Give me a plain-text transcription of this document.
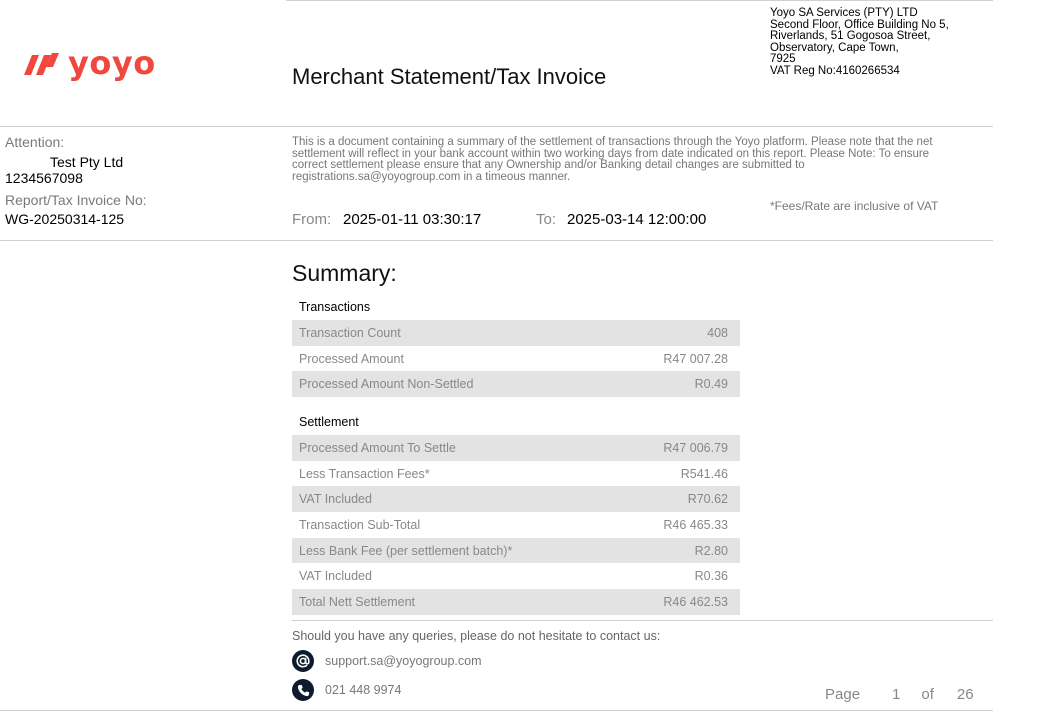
yoyo	Merchant Statement/Tax Invoice
Yoyo SA Services (PTY) LTD
Second Floor, Office Building No 5,
Riverlands, 51 Gogosoa Street,
Observatory, Cape Town,
7925
VAT Reg No:4160266534
Attention:
Test Pty Ltd
1234567098
Report/Tax Invoice No:
WG-20250314-125
This is a document containing a summary of the settlement of transactions through the Yoyo platform. Please note that the net
settlement will reflect in your bank account within two working days from date indicated on this report. Please Note: To ensure
correct settlement please ensure that any Ownership and/or Banking detail changes are submitted to
registrations.sa@yoyogroup.com in a timeous manner.
*Fees/Rate are inclusive of VAT
From: 2025-01-11 03:30:17	To: 2025-03-14 12:00:00
Summary:
Transactions
Transaction Count	408
Processed Amount	R47 007.28
Processed Amount Non-Settled	R0.49
Settlement
Processed Amount To Settle	R47 006.79
Less Transaction Fees*	R541.46
VAT Included	R70.62
Transaction Sub-Total	R46 465.33
Less Bank Fee (per settlement batch)*	R2.80
VAT Included	R0.36
Total Nett Settlement	R46 462.53
Should you have any queries, please do not hesitate to contact us:
support.sa@yoyogroup.com
021 448 9974	Page 1 of 26
